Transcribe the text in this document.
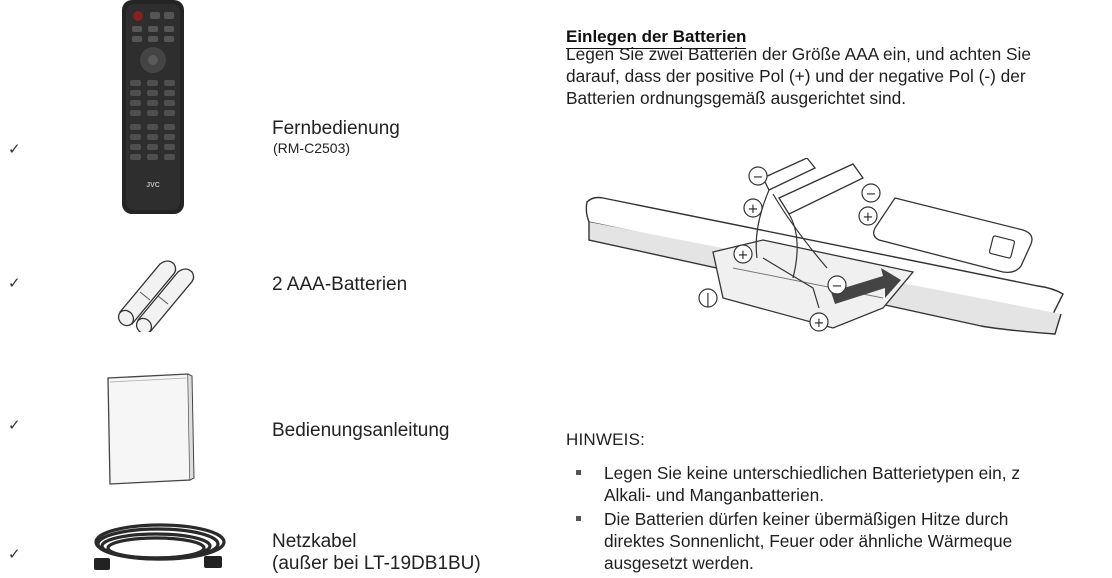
✓
JVC
Fernbedienung
(RM-C2503)
✓	2 AAA-Batterien
✓	Bedienungsanleitung
✓
Netzkabel
(außer bei LT-19DB1BU)
Einlegen der Batterien
Legen Sie zwei Batterien der Größe AAA ein, und achten Sie
darauf, dass der positive Pol (+) und der negative Pol (-) der
Batterien ordnungsgemäß ausgerichtet sind.
−
−
+
+
+
−
+
|
HINWEIS:
Legen Sie keine unterschiedlichen Batterietypen ein, z
Alkali- und Manganbatterien.
Die Batterien dürfen keiner übermäßigen Hitze durch
direktes Sonnenlicht, Feuer oder ähnliche Wärmeque
ausgesetzt werden.
